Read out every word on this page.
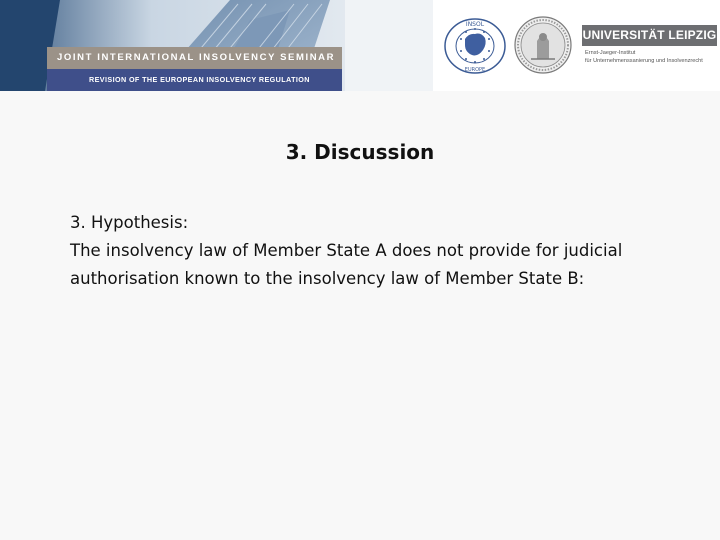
JOINT INTERNATIONAL INSOLVENCY SEMINAR
REVISION OF THE EUROPEAN INSOLVENCY REGULATION
INSOL
EUROPE
UNIVERSITÄT LEIPZIG
Ernst-Jaeger-Institut
für Unternehmenssanierung und Insolvenzrecht
3. Discussion
3. Hypothesis:
The insolvency law of Member State A does not provide for judicial
authorisation known to the insolvency law of Member State B:
